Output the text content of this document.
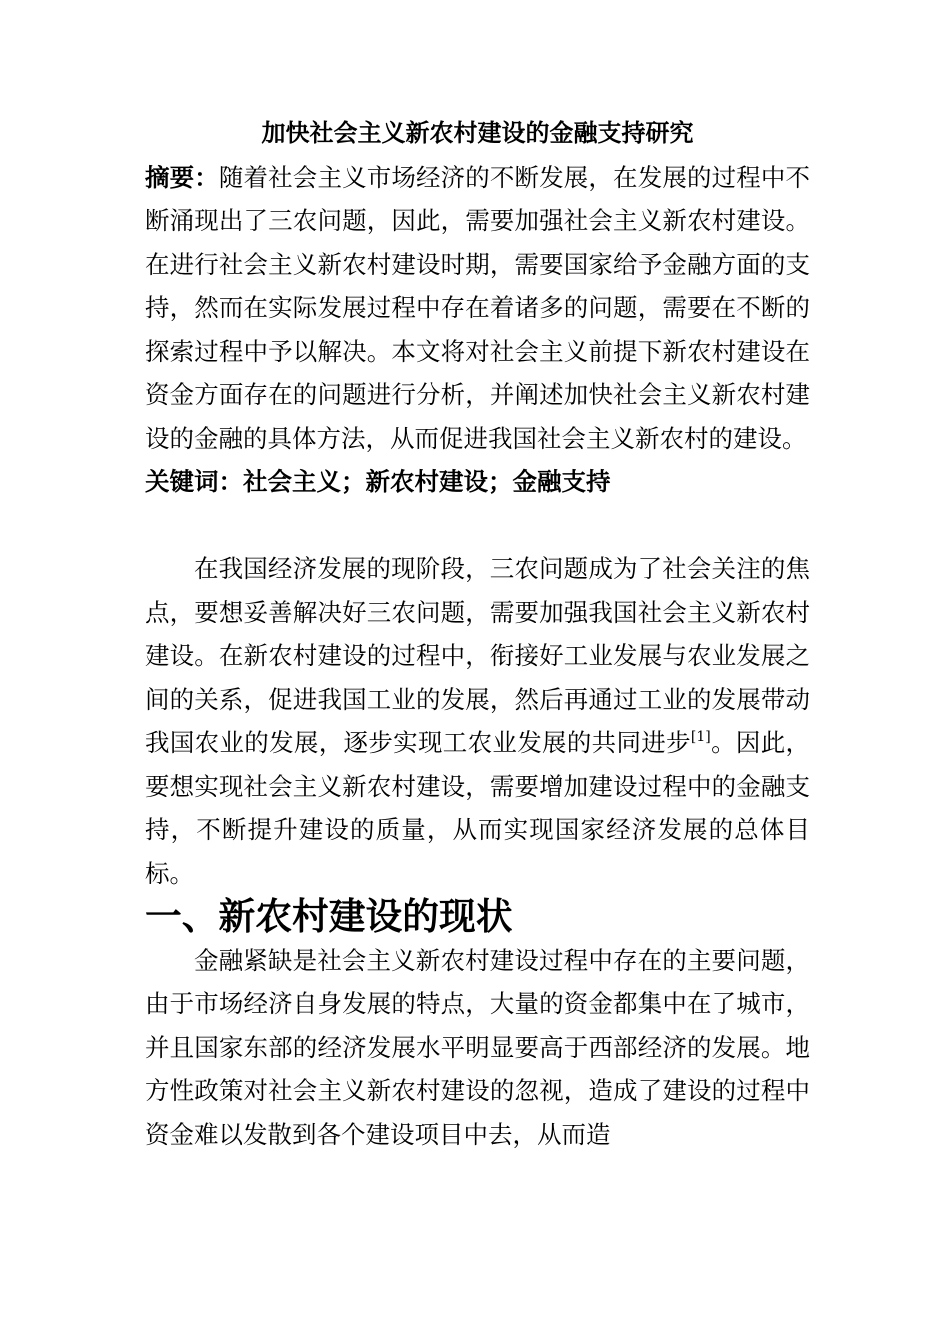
加快社会主义新农村建设的金融支持研究

摘要：随着社会主义市场经济的不断发展，在发展的过程中不断涌现出了三农问题，因此，需要加强社会主义新农村建设。在进行社会主义新农村建设时期，需要国家给予金融方面的支持，然而在实际发展过程中存在着诸多的问题，需要在不断的探索过程中予以解决。本文将对社会主义前提下新农村建设在资金方面存在的问题进行分析，并阐述加快社会主义新农村建设的金融的具体方法，从而促进我国社会主义新农村的建设。

关键词：社会主义；新农村建设；金融支持

在我国经济发展的现阶段，三农问题成为了社会关注的焦点，要想妥善解决好三农问题，需要加强我国社会主义新农村建设。在新农村建设的过程中，衔接好工业发展与农业发展之间的关系，促进我国工业的发展，然后再通过工业的发展带动我国农业的发展，逐步实现工农业发展的共同进步[1]。因此，要想实现社会主义新农村建设，需要增加建设过程中的金融支持，不断提升建设的质量，从而实现国家经济发展的总体目标。

一、新农村建设的现状

金融紧缺是社会主义新农村建设过程中存在的主要问题，由于市场经济自身发展的特点，大量的资金都集中在了城市，并且国家东部的经济发展水平明显要高于西部经济的发展。地方性政策对社会主义新农村建设的忽视，造成了建设的过程中资金难以发散到各个建设项目中去，从而造
